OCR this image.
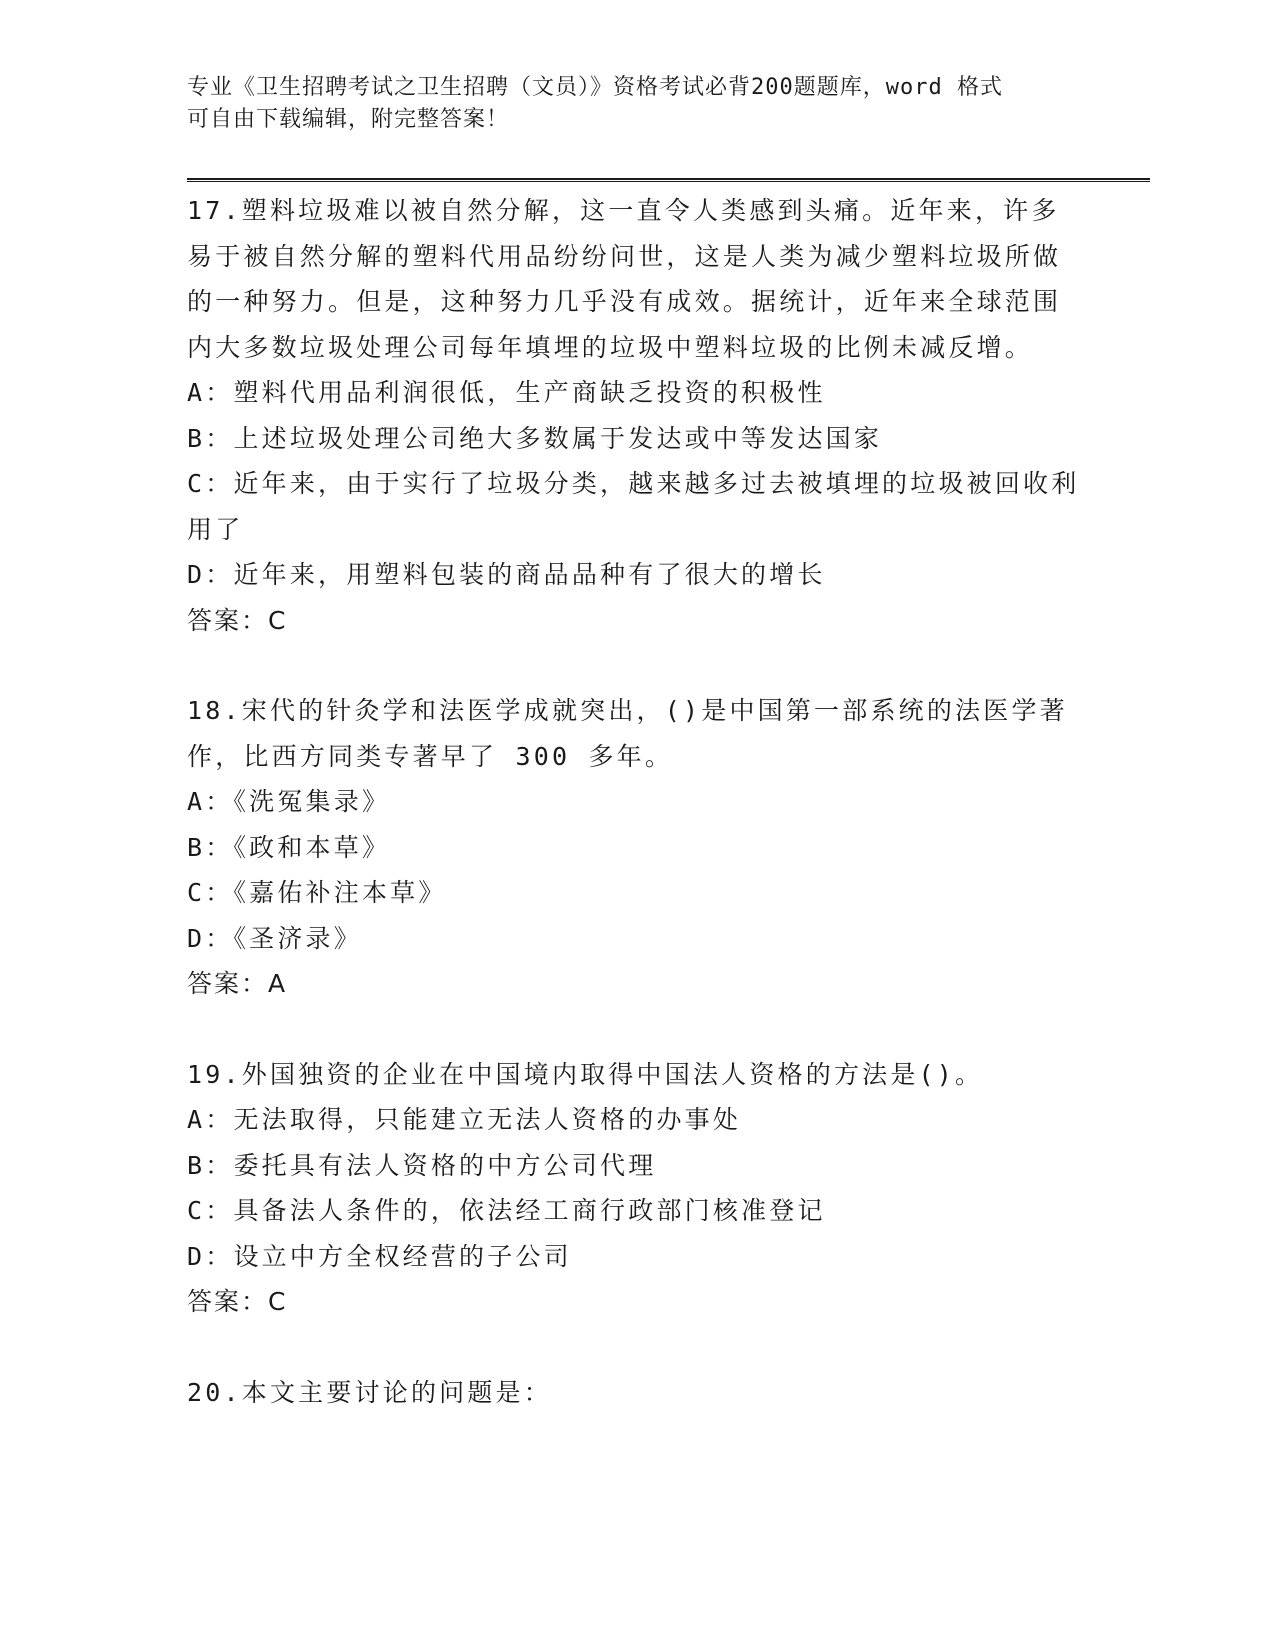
专业《卫生招聘考试之卫生招聘（文员）》资格考试必背200题题库，word 格式
可自由下载编辑，附完整答案！
17.塑料垃圾难以被自然分解，这一直令人类感到头痛。近年来，许多易于被自然分解的塑料代用品纷纷问世，这是人类为减少塑料垃圾所做的一种努力。但是，这种努力几乎没有成效。据统计，近年来全球范围内大多数垃圾处理公司每年填埋的垃圾中塑料垃圾的比例未减反增。
A：塑料代用品利润很低，生产商缺乏投资的积极性
B：上述垃圾处理公司绝大多数属于发达或中等发达国家
C：近年来，由于实行了垃圾分类，越来越多过去被填埋的垃圾被回收利用了
D：近年来，用塑料包装的商品品种有了很大的增长
答案：C
18.宋代的针灸学和法医学成就突出，()是中国第一部系统的法医学著作，比西方同类专著早了 300 多年。
A：《洗冤集录》
B：《政和本草》
C：《嘉佑补注本草》
D：《圣济录》
答案：A
19.外国独资的企业在中国境内取得中国法人资格的方法是()。
A：无法取得，只能建立无法人资格的办事处
B：委托具有法人资格的中方公司代理
C：具备法人条件的，依法经工商行政部门核准登记
D：设立中方全权经营的子公司
答案：C
20.本文主要讨论的问题是：
